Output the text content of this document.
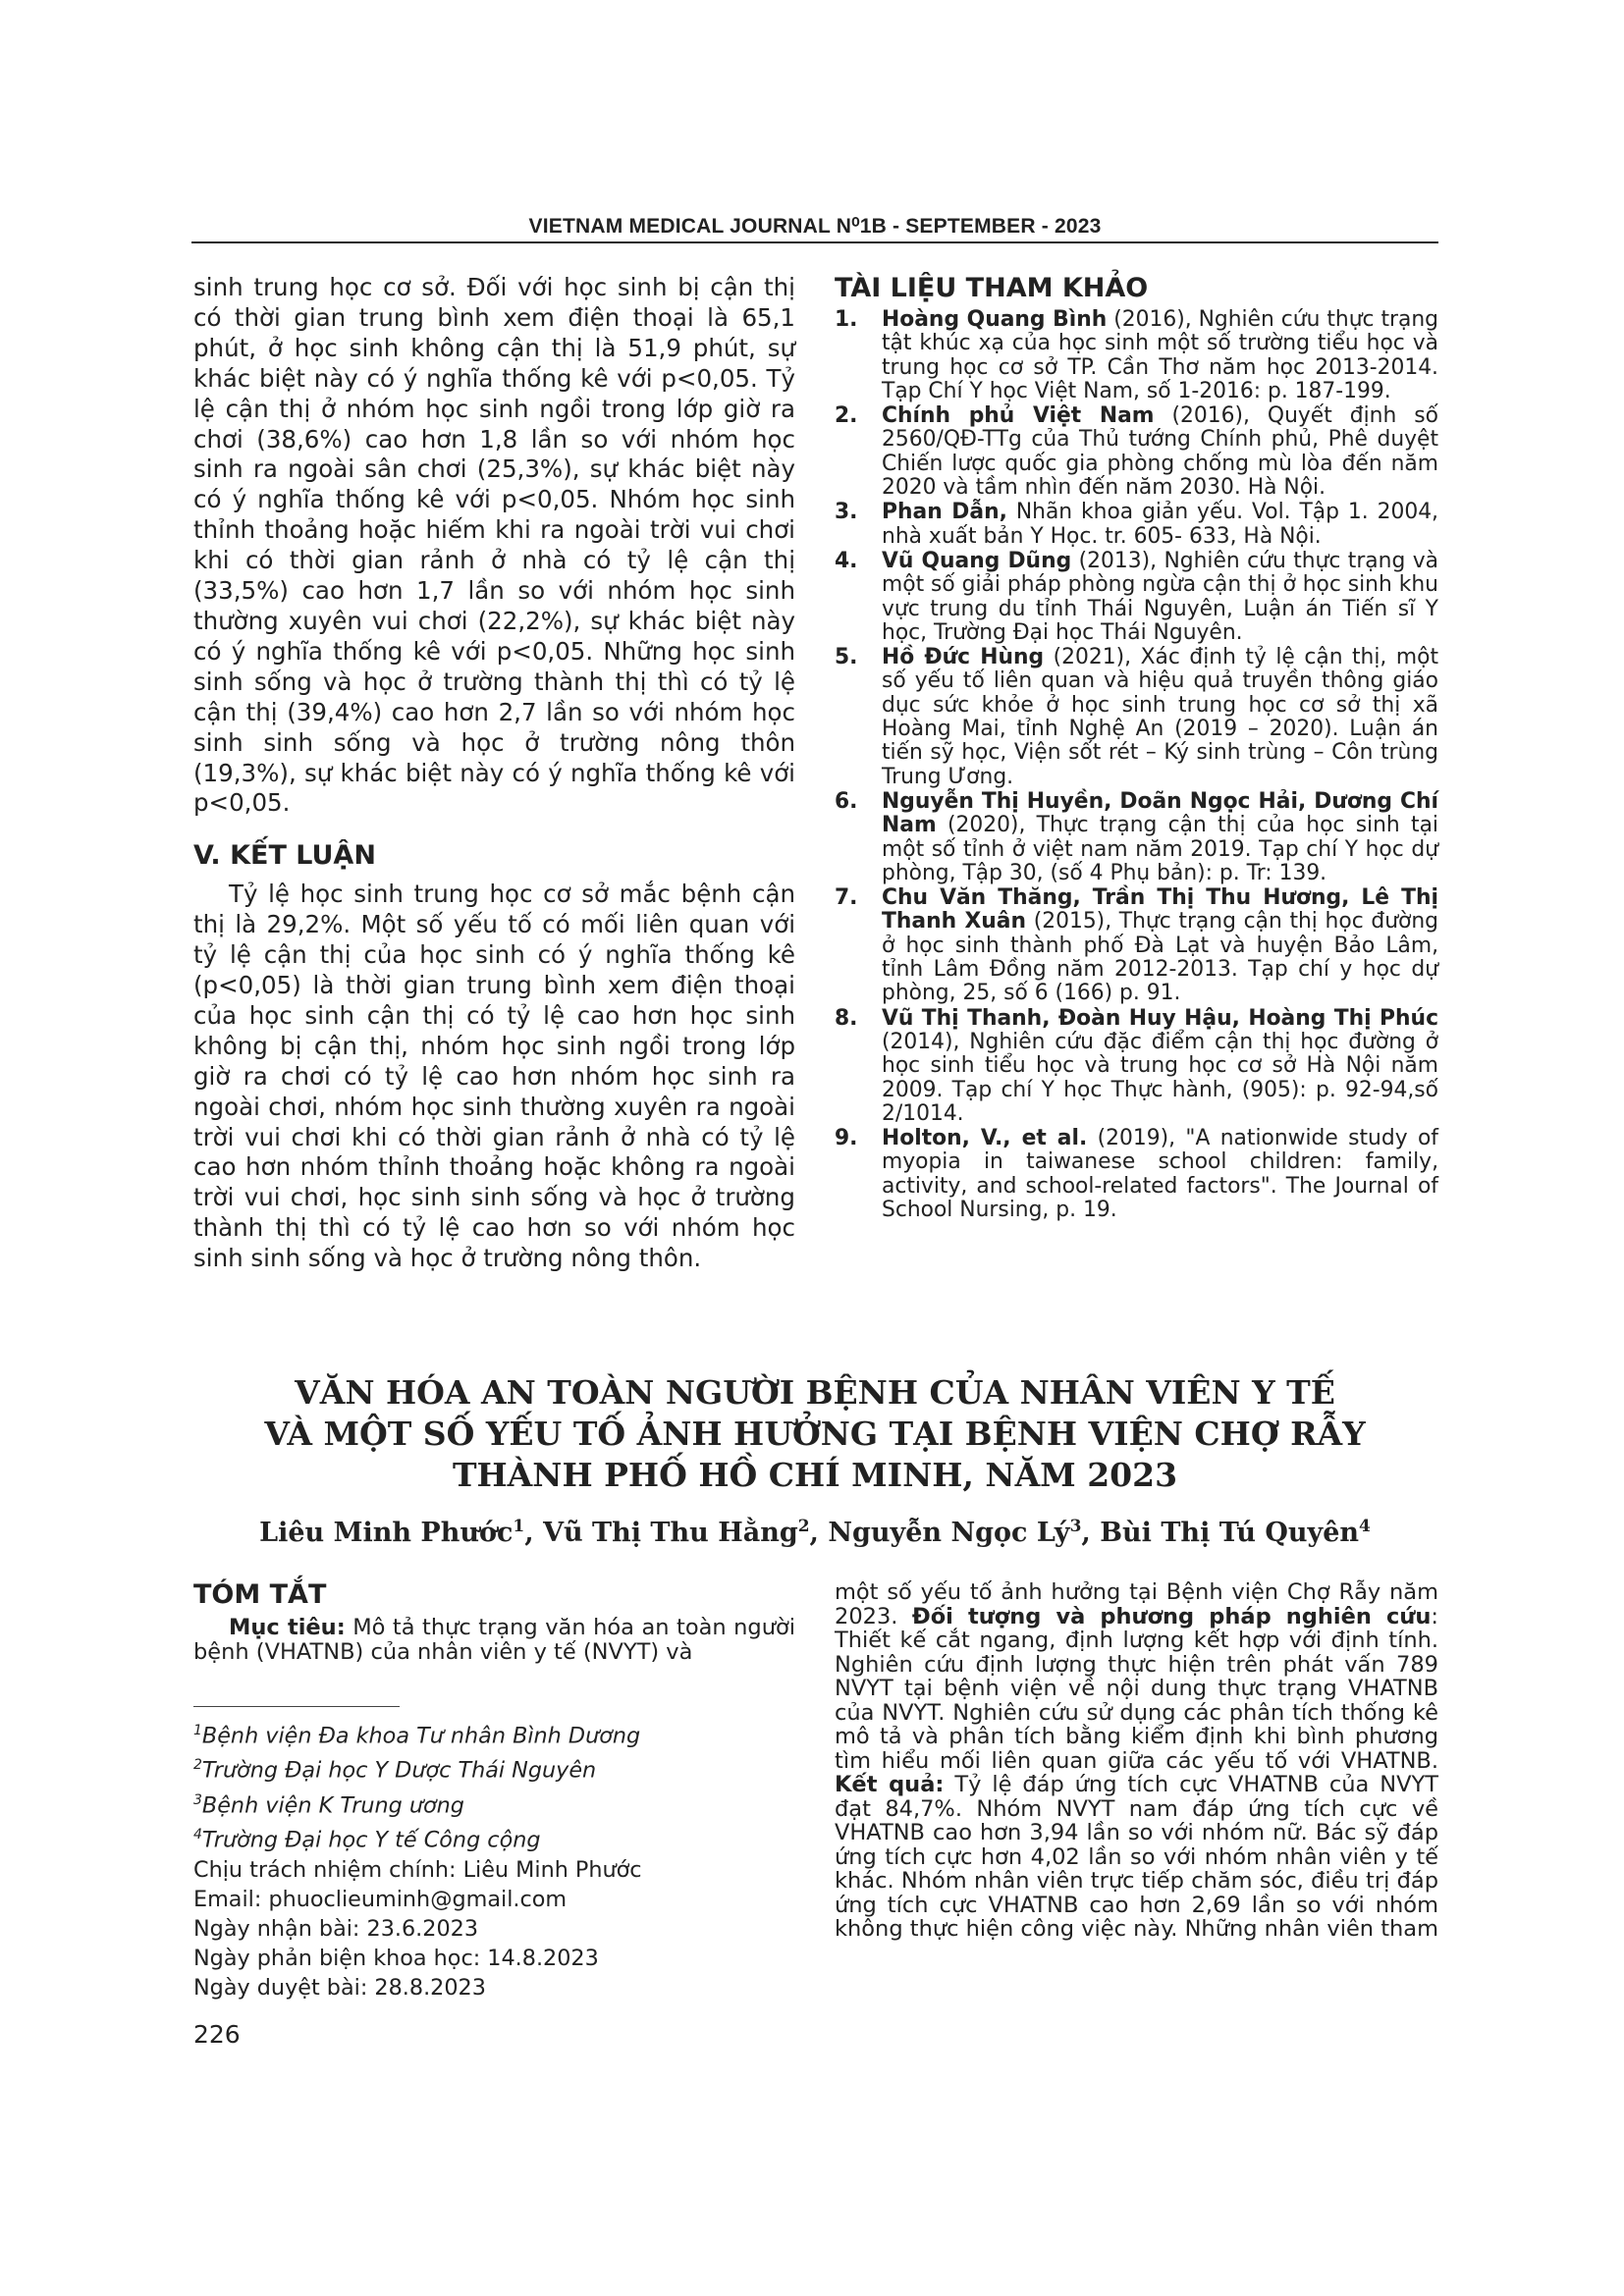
VIETNAM MEDICAL JOURNAL N⁰1B - SEPTEMBER - 2023

sinh trung học cơ sở. Đối với học sinh bị cận thị có thời gian trung bình xem điện thoại là 65,1 phút, ở học sinh không cận thị là 51,9 phút, sự khác biệt này có ý nghĩa thống kê với p<0,05. Tỷ lệ cận thị ở nhóm học sinh ngồi trong lớp giờ ra chơi (38,6%) cao hơn 1,8 lần so với nhóm học sinh ra ngoài sân chơi (25,3%), sự khác biệt này có ý nghĩa thống kê với p<0,05. Nhóm học sinh thỉnh thoảng hoặc hiếm khi ra ngoài trời vui chơi khi có thời gian rảnh ở nhà có tỷ lệ cận thị (33,5%) cao hơn 1,7 lần so với nhóm học sinh thường xuyên vui chơi (22,2%), sự khác biệt này có ý nghĩa thống kê với p<0,05. Những học sinh sinh sống và học ở trường thành thị thì có tỷ lệ cận thị (39,4%) cao hơn 2,7 lần so với nhóm học sinh sinh sống và học ở trường nông thôn (19,3%), sự khác biệt này có ý nghĩa thống kê với p<0,05.

V. KẾT LUẬN

Tỷ lệ học sinh trung học cơ sở mắc bệnh cận thị là 29,2%. Một số yếu tố có mối liên quan với tỷ lệ cận thị của học sinh có ý nghĩa thống kê (p<0,05) là thời gian trung bình xem điện thoại của học sinh cận thị có tỷ lệ cao hơn học sinh không bị cận thị, nhóm học sinh ngồi trong lớp giờ ra chơi có tỷ lệ cao hơn nhóm học sinh ra ngoài chơi, nhóm học sinh thường xuyên ra ngoài trời vui chơi khi có thời gian rảnh ở nhà có tỷ lệ cao hơn nhóm thỉnh thoảng hoặc không ra ngoài trời vui chơi, học sinh sinh sống và học ở trường thành thị thì có tỷ lệ cao hơn so với nhóm học sinh sinh sống và học ở trường nông thôn.

TÀI LIỆU THAM KHẢO
1. Hoàng Quang Bình (2016), Nghiên cứu thực trạng tật khúc xạ của học sinh một số trường tiểu học và trung học cơ sở TP. Cần Thơ năm học 2013-2014. Tạp Chí Y học Việt Nam, số 1-2016: p. 187-199.
2. Chính phủ Việt Nam (2016), Quyết định số 2560/QĐ-TTg của Thủ tướng Chính phủ, Phê duyệt Chiến lược quốc gia phòng chống mù lòa đến năm 2020 và tầm nhìn đến năm 2030. Hà Nội.
3. Phan Dẫn, Nhãn khoa giản yếu. Vol. Tập 1. 2004, nhà xuất bản Y Học. tr. 605- 633, Hà Nội.
4. Vũ Quang Dũng (2013), Nghiên cứu thực trạng và một số giải pháp phòng ngừa cận thị ở học sinh khu vực trung du tỉnh Thái Nguyên, Luận án Tiến sĩ Y học, Trường Đại học Thái Nguyên.
5. Hồ Đức Hùng (2021), Xác định tỷ lệ cận thị, một số yếu tố liên quan và hiệu quả truyền thông giáo dục sức khỏe ở học sinh trung học cơ sở thị xã Hoàng Mai, tỉnh Nghệ An (2019 – 2020). Luận án tiến sỹ học, Viện sốt rét – Ký sinh trùng – Côn trùng Trung Ương.
6. Nguyễn Thị Huyền, Doãn Ngọc Hải, Dương Chí Nam (2020), Thực trạng cận thị của học sinh tại một số tỉnh ở việt nam năm 2019. Tạp chí Y học dự phòng, Tập 30, (số 4 Phụ bản): p. Tr: 139.
7. Chu Văn Thăng, Trần Thị Thu Hương, Lê Thị Thanh Xuân (2015), Thực trạng cận thị học đường ở học sinh thành phố Đà Lạt và huyện Bảo Lâm, tỉnh Lâm Đồng năm 2012-2013. Tạp chí y học dự phòng, 25, số 6 (166) p. 91.
8. Vũ Thị Thanh, Đoàn Huy Hậu, Hoàng Thị Phúc (2014), Nghiên cứu đặc điểm cận thị học đường ở học sinh tiểu học và trung học cơ sở Hà Nội năm 2009. Tạp chí Y học Thực hành, (905): p. 92-94,số 2/1014.
9. Holton, V., et al. (2019), "A nationwide study of myopia in taiwanese school children: family, activity, and school-related factors". The Journal of School Nursing, p. 19.
VĂN HÓA AN TOÀN NGƯỜI BỆNH CỦA NHÂN VIÊN Y TẾ
VÀ MỘT SỐ YẾU TỐ ẢNH HƯỞNG TẠI BỆNH VIỆN CHỢ RẪY
THÀNH PHỐ HỒ CHÍ MINH, NĂM 2023
Liêu Minh Phước$^1$, Vũ Thị Thu Hằng$^2$, Nguyễn Ngọc $Lý^3$, Bùi Thị Tú Quyên$^4$
TÓM TẮT

Mục tiêu: Mô tả thực trạng văn hóa an toàn người bệnh (VHATNB) của nhân viên y tế (NVYT) và

$^1$Bệnh viện Đa khoa Tư nhân Bình Dương
$^2$Trường Đại học Y Dược Thái Nguyên
$^3$Bệnh viện K Trung ương
$^4$Trường Đại học Y tế Công cộng
Chịu trách nhiệm chính: Liêu Minh Phước
Email: phuoclieuminh@gmail.com
Ngày nhận bài: 23.6.2023
Ngày phản biện khoa học: 14.8.2023
Ngày duyệt bài: 28.8.2023

một số yếu tố ảnh hưởng tại Bệnh viện Chợ Rẫy năm 2023. Đối tượng và phương pháp nghiên cứu: Thiết kế cắt ngang, định lượng kết hợp với định tính. Nghiên cứu định lượng thực hiện trên phát vấn 789 NVYT tại bệnh viện về nội dung thực trạng VHATNB của NVYT. Nghiên cứu sử dụng các phân tích thống kê mô tả và phân tích bằng kiểm định khi bình phương tìm hiểu mối liên quan giữa các yếu tố với VHATNB. Kết quả: Tỷ lệ đáp ứng tích cực VHATNB của NVYT đạt 84,7%. Nhóm NVYT nam đáp ứng tích cực về VHATNB cao hơn 3,94 lần so với nhóm nữ. Bác sỹ đáp ứng tích cực hơn 4,02 lần so với nhóm nhân viên y tế khác. Nhóm nhân viên trực tiếp chăm sóc, điều trị đáp ứng tích cực VHATNB cao hơn 2,69 lần so với nhóm không thực hiện công việc này. Những nhân viên tham

226
